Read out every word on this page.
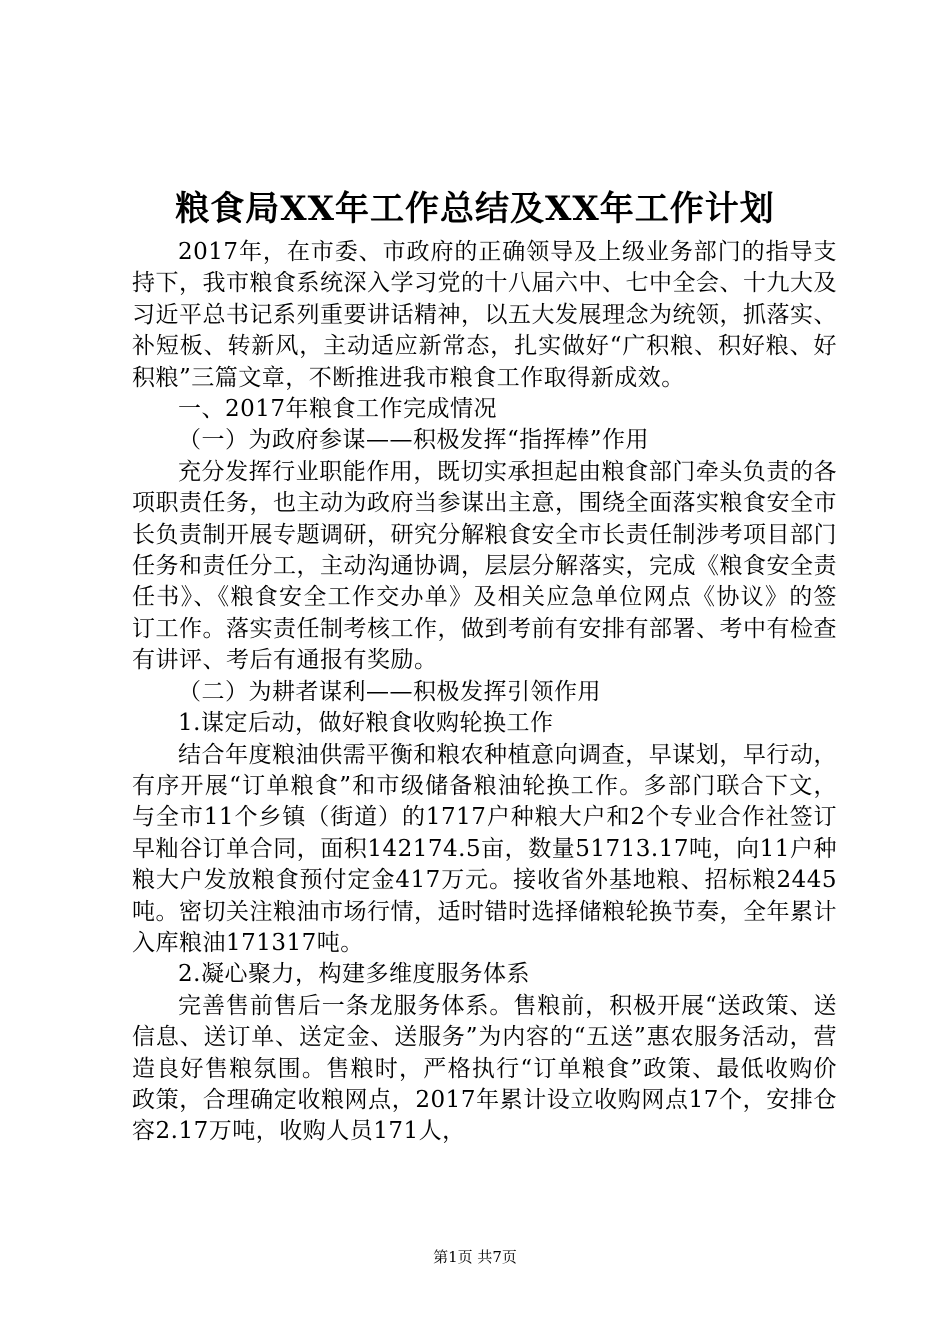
粮食局XX年工作总结及XX年工作计划

2017年，在市委、市政府的正确领导及上级业务部门的指导支持下，我市粮食系统深入学习党的十八届六中、七中全会、十九大及习近平总书记系列重要讲话精神，以五大发展理念为统领，抓落实、补短板、转新风，主动适应新常态，扎实做好“广积粮、积好粮、好积粮”三篇文章，不断推进我市粮食工作取得新成效。

一、2017年粮食工作完成情况

（一）为政府参谋——积极发挥“指挥棒”作用

充分发挥行业职能作用，既切实承担起由粮食部门牵头负责的各项职责任务，也主动为政府当参谋出主意，围绕全面落实粮食安全市长负责制开展专题调研，研究分解粮食安全市长责任制涉考项目部门任务和责任分工，主动沟通协调，层层分解落实，完成《粮食安全责任书》、《粮食安全工作交办单》及相关应急单位网点《协议》的签订工作。落实责任制考核工作，做到考前有安排有部署、考中有检查有讲评、考后有通报有奖励。

（二）为耕者谋利——积极发挥引领作用

1.谋定后动，做好粮食收购轮换工作

结合年度粮油供需平衡和粮农种植意向调查，早谋划，早行动，有序开展“订单粮食”和市级储备粮油轮换工作。多部门联合下文，与全市11个乡镇（街道）的1717户种粮大户和2个专业合作社签订早籼谷订单合同，面积142174.5亩，数量51713.17吨，向11户种粮大户发放粮食预付定金417万元。接收省外基地粮、招标粮2445吨。密切关注粮油市场行情，适时错时选择储粮轮换节奏，全年累计入库粮油171317吨。

2.凝心聚力，构建多维度服务体系

完善售前售后一条龙服务体系。售粮前，积极开展“送政策、送信息、送订单、送定金、送服务”为内容的“五送”惠农服务活动，营造良好售粮氛围。售粮时，严格执行“订单粮食”政策、最低收购价政策，合理确定收粮网点，2017年累计设立收购网点17个，安排仓容2.17万吨，收购人员171人，

第1页 共7页
